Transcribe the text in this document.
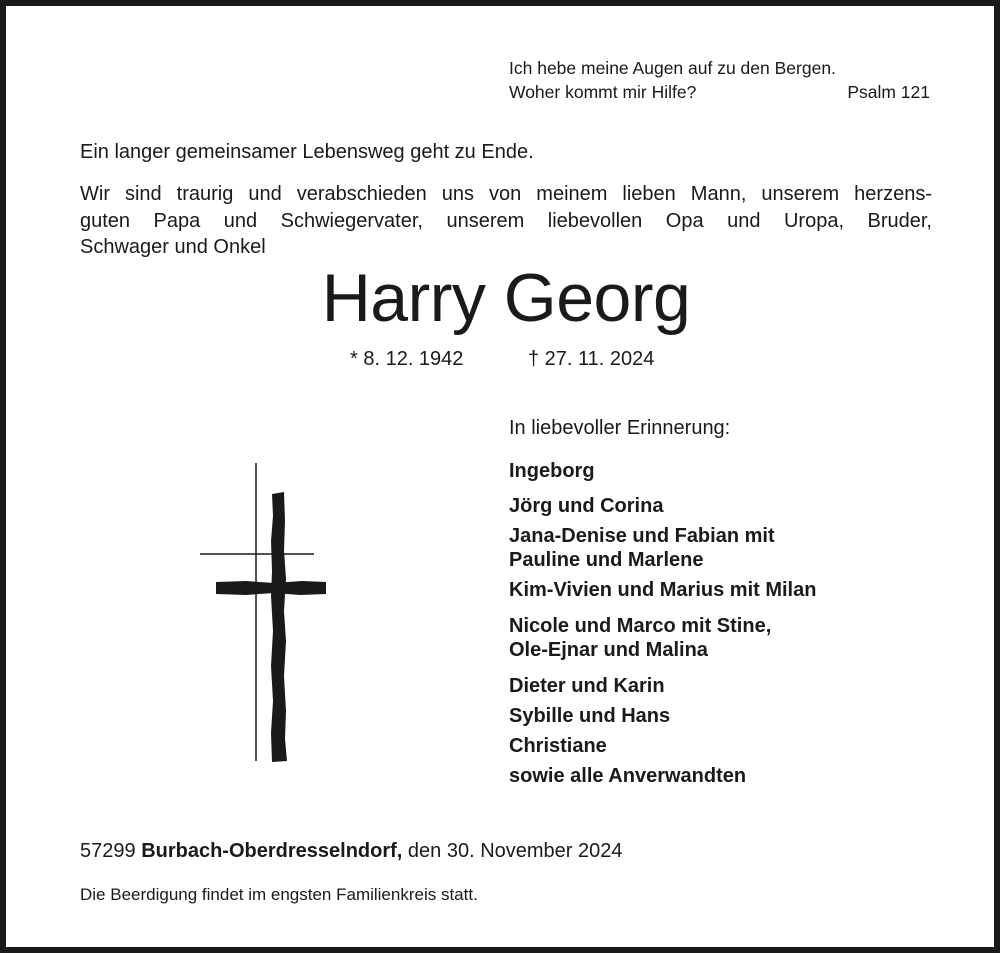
Ich hebe meine Augen auf zu den Bergen.
Woher kommt mir Hilfe?	Psalm 121
Ein langer gemeinsamer Lebensweg geht zu Ende.
Wir sind traurig und verabschieden uns von meinem lieben Mann, unserem herzens-
guten Papa und Schwiegervater, unserem liebevollen Opa und Uropa, Bruder,
Schwager und Onkel
Harry Georg
* 8. 12. 1942	† 27. 11. 2024
In liebevoller Erinnerung:
Ingeborg
Jörg und Corina
Jana-Denise und Fabian mit
Pauline und Marlene
Kim-Vivien und Marius mit Milan
Nicole und Marco mit Stine,
Ole-Ejnar und Malina
Dieter und Karin
Sybille und Hans
Christiane
sowie alle Anverwandten
57299 Burbach-Oberdresselndorf, den 30. November 2024
Die Beerdigung findet im engsten Familienkreis statt.
